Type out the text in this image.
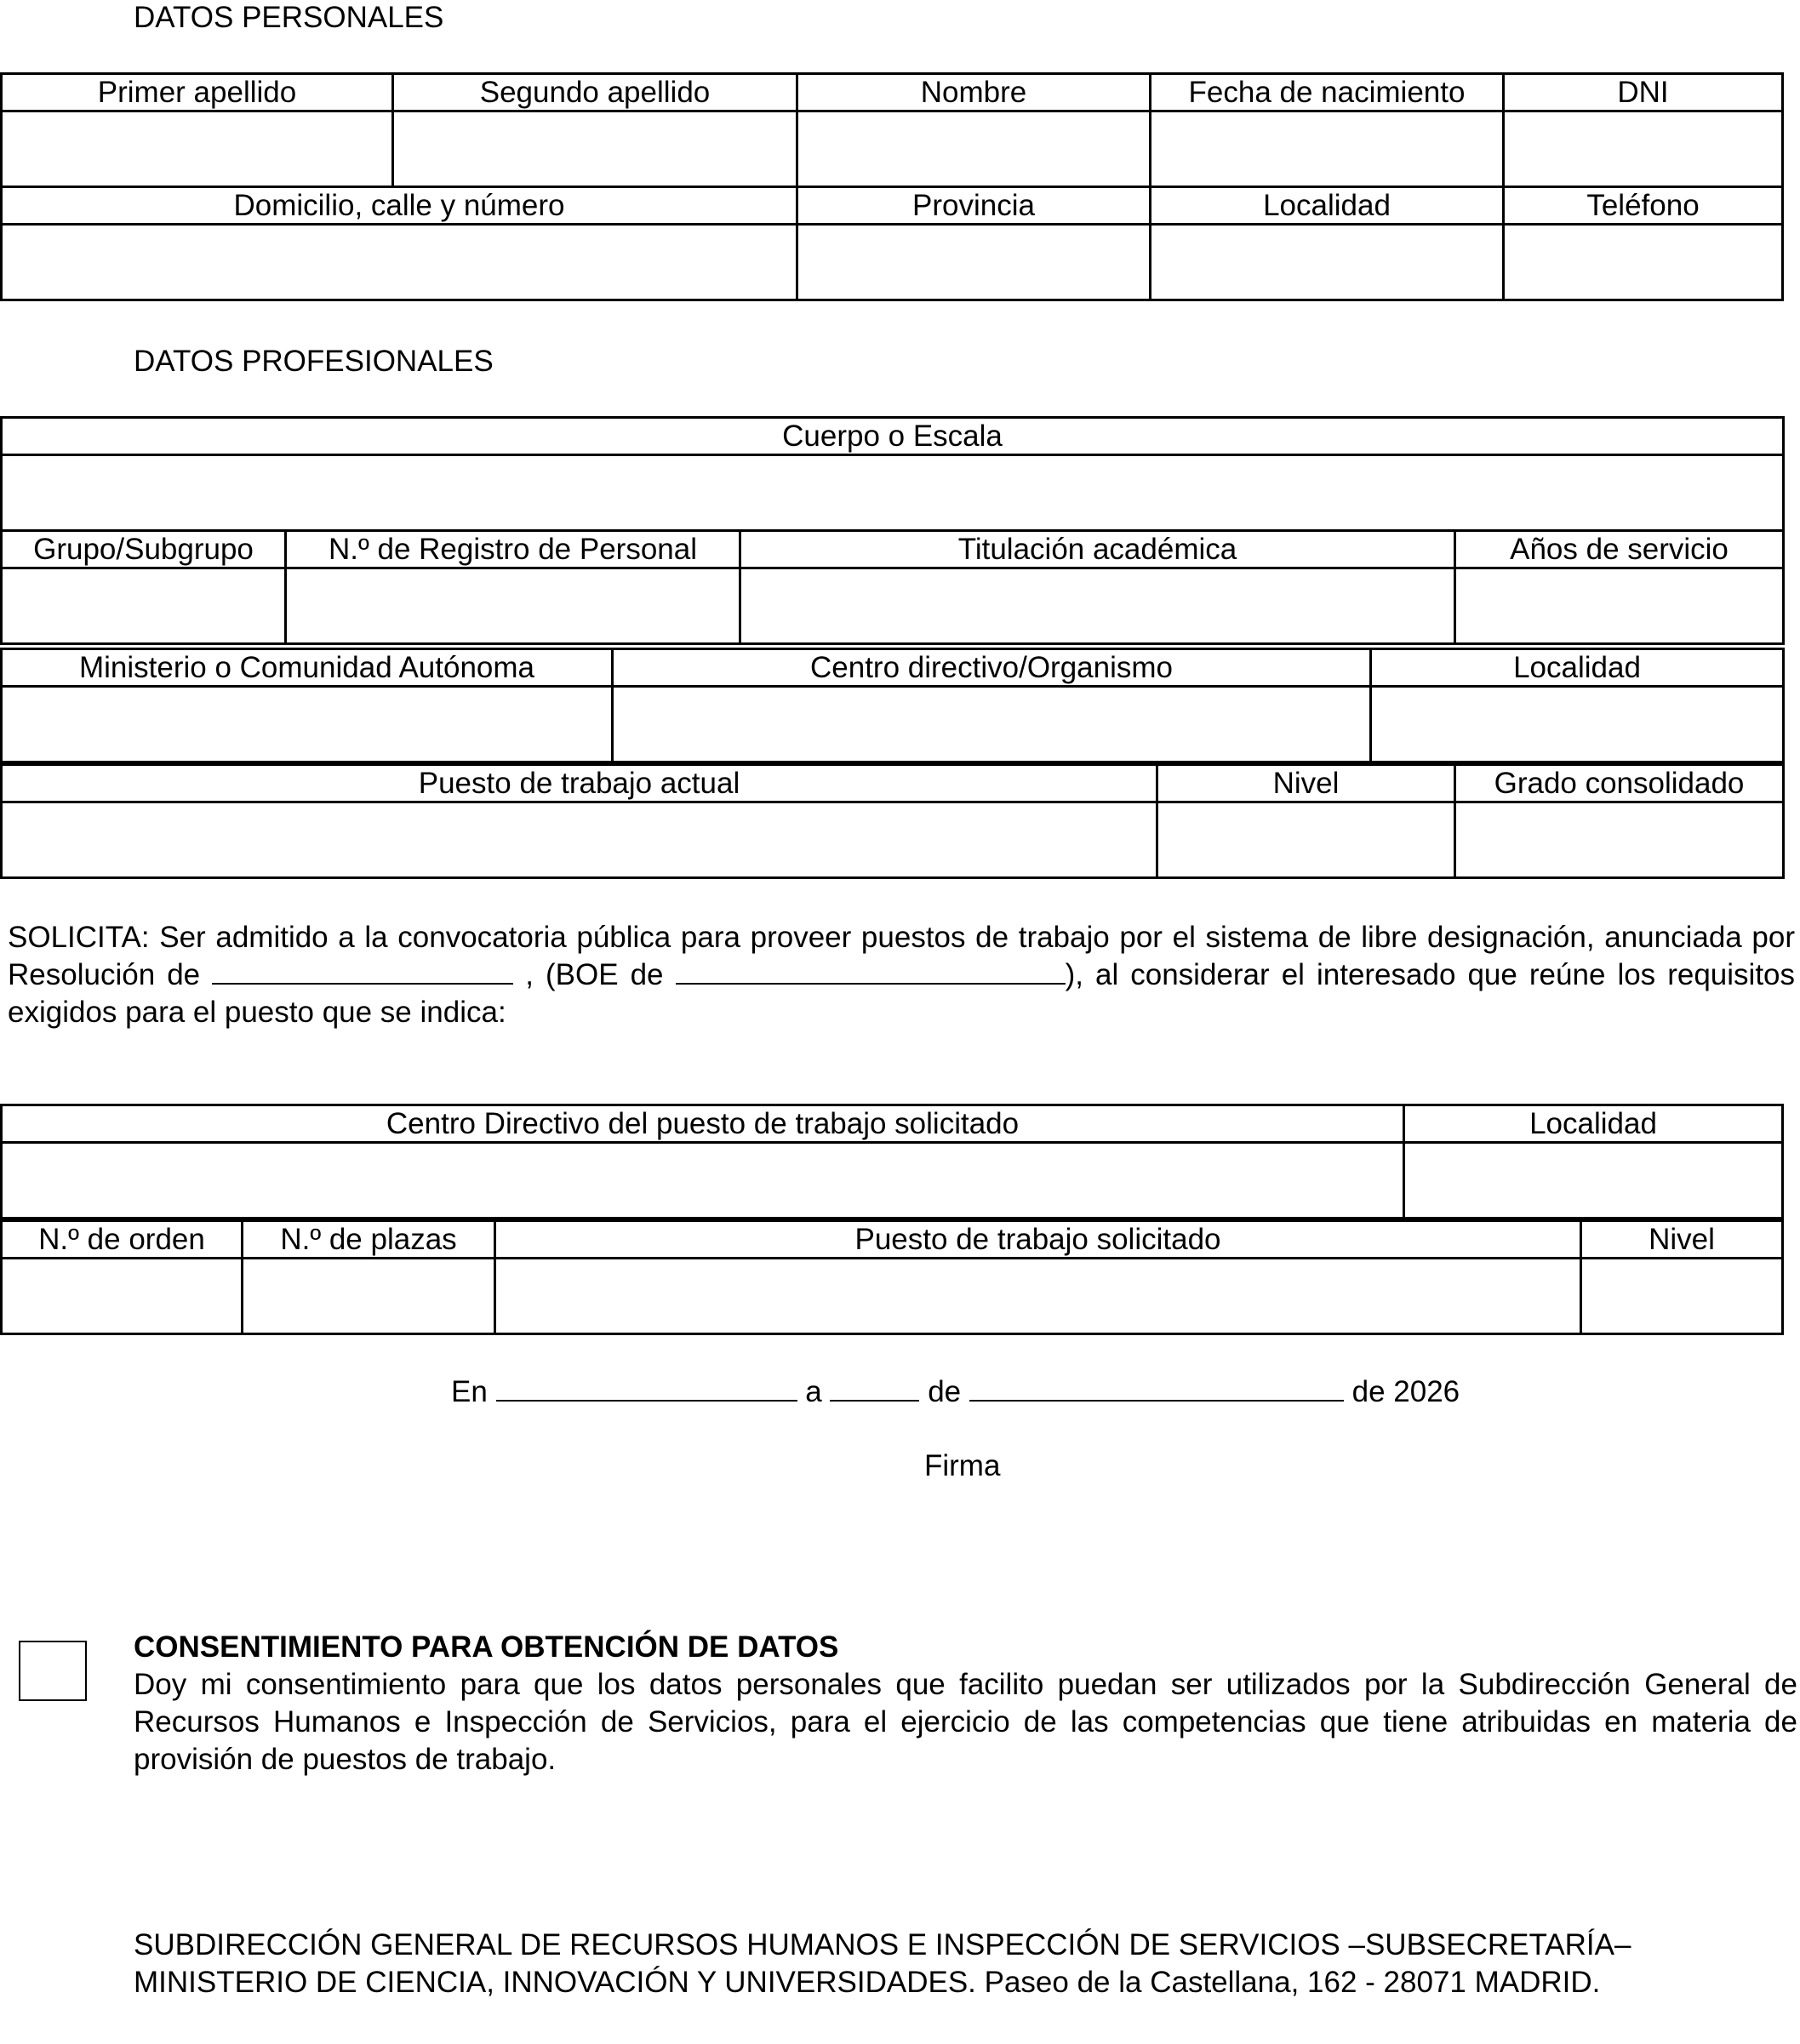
DATOS PERSONALES
Primer apellido	Segundo apellido	Nombre	Fecha de nacimiento	DNI

Domicilio, calle y número		Provincia	Localidad	Teléfono

DATOS PROFESIONALES
Cuerpo o Escala			

Grupo/Subgrupo	N.º de Registro de Personal	Titulación académica	Años de servicio

Ministerio o Comunidad Autónoma	Centro directivo/Organismo	Localidad

Puesto de trabajo actual	Nivel	Grado consolidado

SOLICITA: Ser admitido a la convocatoria pública para proveer puestos de trabajo por el sistema de libre designación, anunciada por Resolución de	, (BOE de	), al considerar el interesado que reúne los requisitos exigidos para el puesto que se indica:
Centro Directivo del puesto de trabajo solicitado	Localidad

N.º de orden	N.º de plazas	Puesto de trabajo solicitado	Nivel

En	a	de	de 2026
Firma
CONSENTIMIENTO PARA OBTENCIÓN DE DATOS
Doy mi consentimiento para que los datos personales que facilito puedan ser utilizados por la Subdirección General de Recursos Humanos e Inspección de Servicios, para el ejercicio de las competencias que tiene atribuidas en materia de provisión de puestos de trabajo.
SUBDIRECCIÓN GENERAL DE RECURSOS HUMANOS E INSPECCIÓN DE SERVICIOS –SUBSECRETARÍA–
MINISTERIO DE CIENCIA, INNOVACIÓN Y UNIVERSIDADES. Paseo de la Castellana, 162 - 28071 MADRID.
